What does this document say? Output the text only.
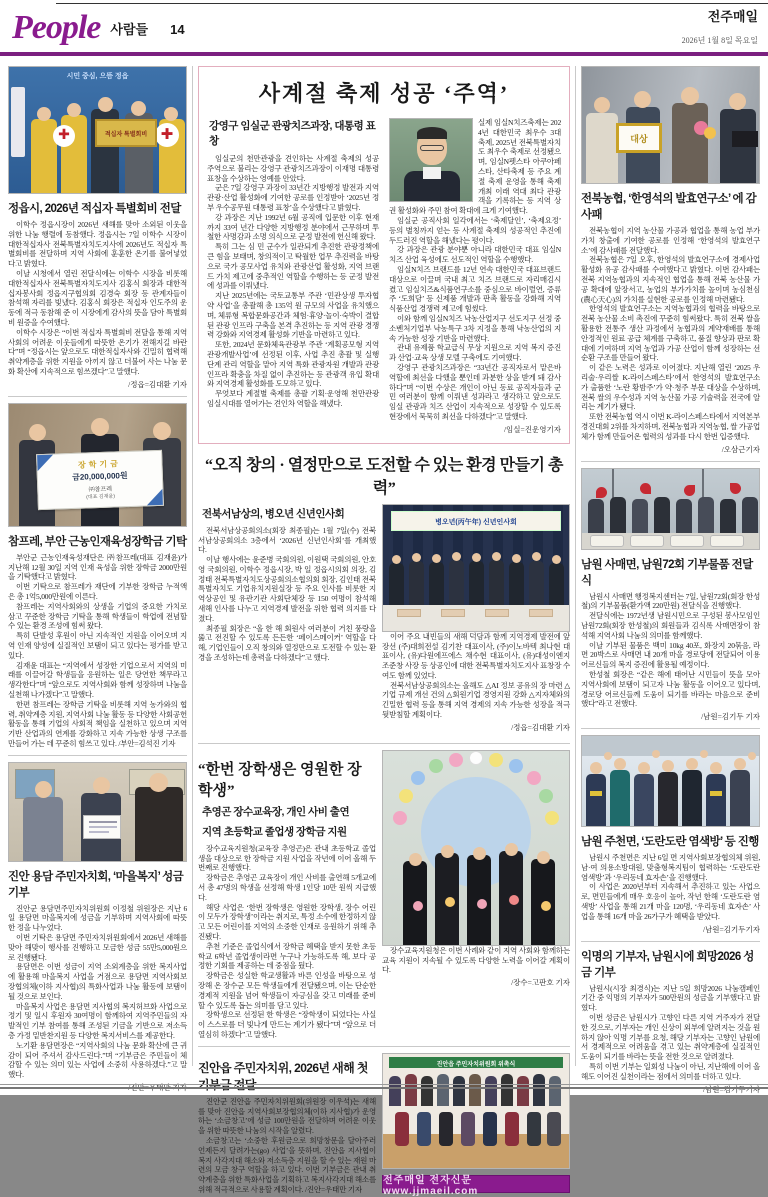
People 사람들 14
전주매일
2026년 1월 8일 목요일
시민 중심, 으뜸 정읍
✚	✚
적십자 특별회비
정읍시, 2026년 적십자 특별회비 전달

이학수 정읍시장이 2026년 새해를 맞아 소외된 이웃을 위한 나눔 행렬에 동참했다. 정읍시는 7일 이학수 시장이 대한적십자사 전북특별자치도지사에 2026년도 적십자 특별회비를 전달하며 지역 사회에 훈훈한 온기를 불어넣었다고 밝혔다.

이날 시청에서 열린 전달식에는 이학수 시장을 비롯해 대한적십자사 전북특별자치도지사 김홍식 회장과 대한적십자봉사회 정읍지구협의회 김경숙 회장 등 관계자들이 참석해 자리를 빛냈다. 김홍식 회장은 적십자 인도주의 운동에 적극 동참해 준 이 시장에게 감사의 뜻을 담아 특별회비 원증을 수여했다.

이학수 시장은 “이번 적십자 특별회비 전달을 통해 지역사회의 어려운 이웃들에게 따뜻한 온기가 전해지길 바란다”며 “정읍시는 앞으로도 대한적십자사와 긴밀히 협력해 취약계층을 위한 지원을 아끼지 않고 더불어 사는 나눔 문화 확산에 지속적으로 힘쓰겠다”고 말했다.

/정읍=김대환 기자
장학기금
금20,000,000원
㈜참프레
(대표 김재윤)
참프레, 부안 근농인재육성장학금 기탁

부안군 근농인재육성재단은 ㈜참프레(대표 김재윤)가 지난해 12월 30일 지역 인재 육성을 위한 장학금 2000만원을 기탁했다고 밝혔다.

이번 기탁으로 참프레가 재단에 기부한 장학금 누적액은 총 1억5,000만원에 이른다.

참프레는 지역사회와의 상생을 기업의 중요한 가치로 삼고 꾸준한 장학금 기탁을 통해 학생들이 학업에 전념할 수 있는 환경 조성에 힘써 왔다.

특히 단발성 후원이 아닌 지속적인 지원을 이어오며 지역 인재 양성에 실질적인 보탬이 되고 있다는 평가를 받고 있다.

김재윤 대표는 “지역에서 성장한 기업으로서 지역의 미래를 이끌어갈 학생들을 응원하는 일은 당연한 책무라고 생각한다”며 “앞으로도 지역사회와 함께 성장하며 나눔을 실천해 나가겠다”고 말했다.

한편 참프레는 장학금 기탁을 비롯해 지역 농가와의 협력, 취약계층 지원, 지역사회 나눔 활동 등 다양한 사회공헌 활동을 통해 기업의 사회적 책임을 실천하고 있으며 지역 기반 산업과의 연계를 강화하고 지속 가능한 상생 구조를 만들어 가는 데 꾸준히 힘쓰고 있다. /부안=김석진 기자

진안 용담 주민자치회, ‘마을복지’ 성금 기부

진안군 용담면주민자치위원회 이정철 위원장은 지난 6일 용담면 마을복지에 성금을 기부하며 지역사회에 따뜻한 정을 나누었다.

이번 기탁은 용담면 주민자치위원회에서 2026년 새해를 맞아 해맞이 행사를 진행하고 모금한 성금 55만5,000원으로 진행됐다.

용담면은 이번 성금이 지역 소외계층을 위한 복지사업에 활용해 마을복지 사업을 거점으로 용담면 지역사회보장협의체(이하 지사협)의 특화사업과 나눔 활동에 보탬이 될 것으로 보인다.

마을복지 사업은 용담면 지사협의 복지허브화 사업으로 정기 및 일시 후원자 30여명이 함께하여 지역주민들의 자발적인 기부 참여를 통해 조성된 기금을 기반으로 저소득층 가정 밑반찬지원 등 다양한 복지서비스를 제공한다.

노기환 용담면장은 “지역사회의 나눔 문화 확산에 큰 귀감이 되어 주셔서 감사드린다.”며 “기부금은 주민들이 체감할 수 있는 의미 있는 사업에 소중히 사용하겠다.”고 말했다.

/진안=우태만 기자
사계절 축제 성공 ‘주역’
강영구 임실군 관광치즈과장, 대통령 표창

임실군의 천만관광을 견인하는 사계절 축제의 성공 주역으로 불리는 강영구 관광치즈과장이 이재명 대통령 표창을 수상하는 영예를 안았다.

군은 7일 강영구 과장이 33년간 지방행정 발전과 지역 관광·산업 활성화에 기여한 공로를 인정받아 ‘2025년 정부 우수공무원 대통령 표창’을 수상했다고 밝혔다.

강 과장은 지난 1992년 6월 공직에 입문한 이후 현재까지 33여 년간 다양한 지방행정 분야에서 근무하며 투철한 사명감과 소명 의식으로 군정 발전에 헌신해 왔다.

특히 그는 심 민 군수가 일관되게 추진한 관광정책에 큰 힘을 보태며, 창의적이고 탁월한 업무 추진력을 바탕으로 국가 공모사업 유치와 관광산업 활성화, 지역 브랜드 가치 제고에 중추적인 역할을 수행하는 등 군정 발전에 성과를 이뤄냈다.

지난 2025년에는 국토교통부 주관 ‘민관상생 투자협약 사업’을 총괄해 총 135억 원 규모의 사업을 유치했으며, 체류형 복합문화공간과 체험·휴양·놀이·숙박이 결합된 관광 인프라 구축을 본격 추진하는 등 지역 관광 경쟁력 강화와 지역경제 활성화 기반을 마련하고 있다.

또한, 2024년 문화체육관광부 주관 ‘계획공모형 지역관광개발사업’에 선정된 이후, 사업 추진 총괄 및 실행 단계 관리 역할을 맡아 지역 특화 관광자원 개발과 관광 인프라 확충을 차질 없이 추진하는 등 관광객 유입 확대와 지역경제 활성화를 도모하고 있다.

무엇보다 계절별 축제를 총괄 기획·운영해 천만관광 임실시대를 열어가는 견인차 역할을 해냈다.

실제 임실N치즈축제는 2024년 대한민국 최우수 3대 축제, 2025년 전북특별자치도 최우수 축제로 선정됐으며, 임실N펫스타 아쿠아페스타, 산타축제 등 주요 계절 축제 운영을 통해 축제 개최 이래 역대 최다 관광객을 기록하는 등 지역 상권 활성화와 주민 참여 확대에 크게 기여했다.

임실군 공직사회 일각에서는 ‘축제달인’, ‘축제요정’ 등의 별칭까지 얻는 등 사계절 축제의 성공적인 추진에 두드러진 역할을 해냈다는 평이다.

강 과장은 관광 분야뿐 아니라 대한민국 대표 임실N치즈 산업 육성에도 선도적인 역할을 수행했다.

임실N치즈 브랜드를 12년 연속 대한민국 대표브랜드 대상으로 이끌며 국내 최고 치즈 브랜드로 자리매김시켰고 임실치즈&식품연구소를 중심으로 바이럴연, 증류주 ‘도희담’ 등 신제품 개발과 판촉 활동을 강화해 지역 식품산업 경쟁력 제고에 힘썼다.

이와 함께 임실N치즈 낙농산업지구 선도지구 선정 중소벤처기업부 낙농특구 3차 지정을 통해 낙농산업의 지속 가능한 성장 기반을 마련했다.

관내 유제품 학교급식 무상 지원으로 지역 복지 증진과 산업·교육 상생 모델 구축에도 기여했다.

강영구 관광치즈과장은 “33년간 공직자로서 맡은바 역할에 최선을 다했을 뿐인데 과분한 상을 받게 돼 감사하다”며 “이번 수상은 개인이 아닌 동료 공직자들과 군민 여러분이 함께 이뤄낸 성과라고 생각하고 앞으로도 임실 관광과 치즈 산업이 지속적으로 성장할 수 있도록 현장에서 묵묵히 최선을 다하겠다”고 말했다.

/임실=진운영기자
“오직 창의 · 열정만으로 도전할 수 있는 환경 만들기 총력”
전북서남상의, 병오년 신년인사회

전북서남상공회의소(회장 최종필)는 1월 7일(수) 전북서남상공회의소 3층에서 ‘2026년 신년인사회’를 개최했다.

이날 행사에는 윤준병 국회의원, 이원택 국회의원, 안호영 국회의원, 이학수 정읍시장, 박 일 정읍시의회 의장, 김정태 전북특별자치도상공회의소협의회 회장, 김인태 전북특별자치도 기업유치지원실장 등 주요 인사를 비롯한 지역상공인 및 유관기관 사회단체장 등 150 여명이 참석해 새해 인사를 나누고 지역경제 발전을 위한 협력 의지를 다졌다.

최종필 회장은 “올 한 해 회원사 여러분이 거친 풍랑을 뚫고 전진할 수 있도록 든든한 ‘페이스메이커’ 역할을 다해, 기업인들이 오직 창의와 열정만으로 도전할 수 있는 환경을 조성하는데 총력을 다하겠다”고 했다.

병오년(丙午年) 신년인사회

이어 주요 내빈들의 새해 덕담과 함께 지역경제 발전에 앞장선 (주)대희전설 김기찬 대표이사, (주)이노바텍 최나현 대표이사, (유)다원에프에스 채수현 대표이사, (유)대성이엔지 조준창 사장 등 상공인에 대한 전북특별자치도지사 표창장 수여도 함께 있었다.

전북서남상공회의소는 올해도 △AI 정보 공유의 장 마련 △기업 규제 개선 건의 △회원기업 경영지원 강화 △지자체와의 긴밀한 협력 등을 통해 지역 경제의 지속 가능한 성장을 적극 뒷받침할 계획이다.

/정읍=김대환 기자
“한번 장학생은 영원한 장학생”
추영곤 장수교육장, 개인 사비 출연
지역 초등학교 졸업생 장학금 지원

장수교육지원청(교육장 추영곤)은 관내 초등학교 졸업생을 대상으로 한 장학금 지원 사업을 작년에 이어 올해 두 번째로 진행했다.

장학금은 추영곤 교육장이 개인 사비를 출연해 5개교에서 총 47명의 학생을 선정해 학생 1인당 10만 원씩 지급했다.

해당 사업은 ‘한번 장학생은 영원한 장학생, 장수 어린이 모두가 장학생’이라는 취지로, 특정 소수에 한정하지 않고 모든 어린이를 지역의 소중한 인재로 응원하기 위해 추진됐다.

추천 기준은 졸업식에서 장학금 혜택을 받지 못한 초등학교 6학년 졸업생이라면 누구나 가능하도록 해, 보다 공정한 기회를 제공하는 데 중점을 뒀다.

장학금은 성실한 학교생활과 바른 인성을 바탕으로 성장해 온 장수군 모든 학생들에게 전달됐으며, 이는 단순한 경제적 지원을 넘어 학생들이 자긍심을 갖고 미래를 준비할 수 있도록 돕는 의미를 담고 있다.

장학생으로 선정된 한 학생은 “장학생이 되었다는 사실이 스스로를 더 빛나게 만드는 계기가 됐다”며 “앞으로 더 열심히 하겠다”고 말했다.

장수교육지원청은 이번 사례와 같이 지역 사회와 함께하는 교육 지원이 지속될 수 있도록 다양한 노력을 이어갈 계획이다.

/장수=고판호 기자
진안읍 주민자치위, 2026년 새해 첫 기부금 전달

진안군 진안읍 주민자치위원회(위원장 이우석)는 새해를 맞아 진안읍 지역사회보장협의체(이하 지사협)가 운영하는 ‘소금창고’에 성금 100만원을 전달하며 어려운 이웃을 위한 따뜻한 나눔의 시작을 알렸다.

소금창고는 ‘소중한 후원금으로 희망창문을 달아주러 언제든지 달려가는(go) 사업’을 뜻하며, 진안읍 지사협이 복지 사각지대 해소와 저소득층 지원을 할 수 있는 재원 마련의 모금 창구 역할을 하고 있다. 이번 기부금은 관내 취약계층을 위한 특화사업을 기획하고 복지사각지대 해소를 위해 적극적으로 사용할 계획이다. /진안=우태만 기자

진안읍 주민자치위원회 위촉식
전주매일 전자신문 www.jjmaeil.com
대상
전북농협, ‘한영석의 발효연구소’ 에 감사패

전북농협이 지역 농산물 가공과 협업을 통해 농업 부가가치 창출에 기여한 공로를 인정해 ‘한영석의 발효연구소’에 감사패를 전달했다.

전북농협은 7일 오후, 한영석의 발효연구소에 경제사업 활성화 유공 감사패를 수여했다고 밝혔다. 이번 감사패는 전북 지역농협과의 지속적인 협업을 통해 전북 농산물 가공 확대에 앞장서고, 농업의 부가가치를 높이며 농심천심(農心天心)의 가치를 실현한 공로를 인정해 마련됐다.

한영석의 발효연구소는 지역농협과의 협력을 바탕으로 전북 농산물 소비 촉진에 꾸준히 힘써왔다. 특히 전북 쌀을 활용한 전통주 생산 과정에서 농협과의 계약재배를 통해 안정적인 원료 공급 체계를 구축하고, 품질 향상과 판로 확대에 기여하며 지역 농업과 가공 산업이 함께 성장하는 선순환 구조를 만들어 왔다.

이 같은 노력은 성과로 이어졌다. 지난해 열린 ‘2025 우리술·우리쌀 K-라이스페스타’에서 한영석의 발효연구소가 출품한 ‘노란 황밤주’가 약·청주 부문 대상을 수상하며, 전북 쌀의 우수성과 지역 농산물 가공 기술력을 전국에 알리는 계기가 됐다.

또한 전북농협 역시 이번 K-라이스페스타에서 지역본부 경진대회 2위를 차지하며, 전북농협과 지역농협, 쌀 가공업체가 함께 만들어온 협력의 성과를 다시 한번 입증했다.

/오삼근기자
남원 사매면, 남원72회 기부물품 전달식

남원시 사매면 행정복지센터는 7일, 남원72회(회장 한성철)의 기부물품(환가액 220만원) 전달식을 진행했다.

전달식에는 1972년생 남원시민으로 구성된 봉사모임인 남원72회(회장 한성철)의 회원들과 김식록 사매면장이 참석해 지역사회 나눔의 의미를 함께했다.

이날 기부된 물품은 백미 10kg 40포, 화장지 20묶음, 라면 20박스로 사매면 내 20개 마을 경로당에 전달되어 이용 어르신들의 복지 증진에 활용될 예정이다.

한성철 회장은 “같은 해에 태어난 시민들이 뜻을 모아 지역사회에 보탬이 되고자 나눔 활동을 이어오고 있다며, 경로당 어르신들께 도움이 되기를 바라는 마음으로 준비했다”라고 전했다.

/남원=김기두 기자
남원 주천면, ‘도란도란 염색방’ 등 진행

남원시 주천면은 지난 6일 면 지역사회보장협의체 위원, 남·여 의용소방대원, 맞춤형복지팀이 협력하는 ‘도란도란 염색방’과 ‘우리동네 효자손’을 진행했다.

이 사업은 2020년부터 지속해서 추진하고 있는 사업으로, 면민들에게 매우 호응이 높아, 작년 한해 ‘도란도란 염색방’ 사업을 통해 21개 마을 120명, ‘우리동네 효자손’ 사업을 통해 16개 마을 26가구가 혜택을 받았다.

/남원=김기두기자
익명의 기부자, 남원시에 희망2026 성금 기부

남원시(시장 최경식)는 지난 5일 희망2026 나눔캠페인 기간 중 익명의 기부자가 500만원의 성금을 기부했다고 밝혔다.

이번 성금은 남원시가 고향인 다른 지역 거주자가 전달한 것으로, 기부자는 개인 신상이 외부에 알려지는 것을 원하지 않아 익명 기부를 요청, 해당 기부자는 고향인 남원에서 경제적으로 어려움을 겪고 있는 취약계층에 실질적인 도움이 되기를 바라는 뜻을 전한 것으로 알려졌다.

특히 이번 기부는 일회성 나눔이 아닌, 지난해에 이어 올해도 이어진 실천이라는 점에서 의미를 더하고 있다.

/남원=김기두기자
